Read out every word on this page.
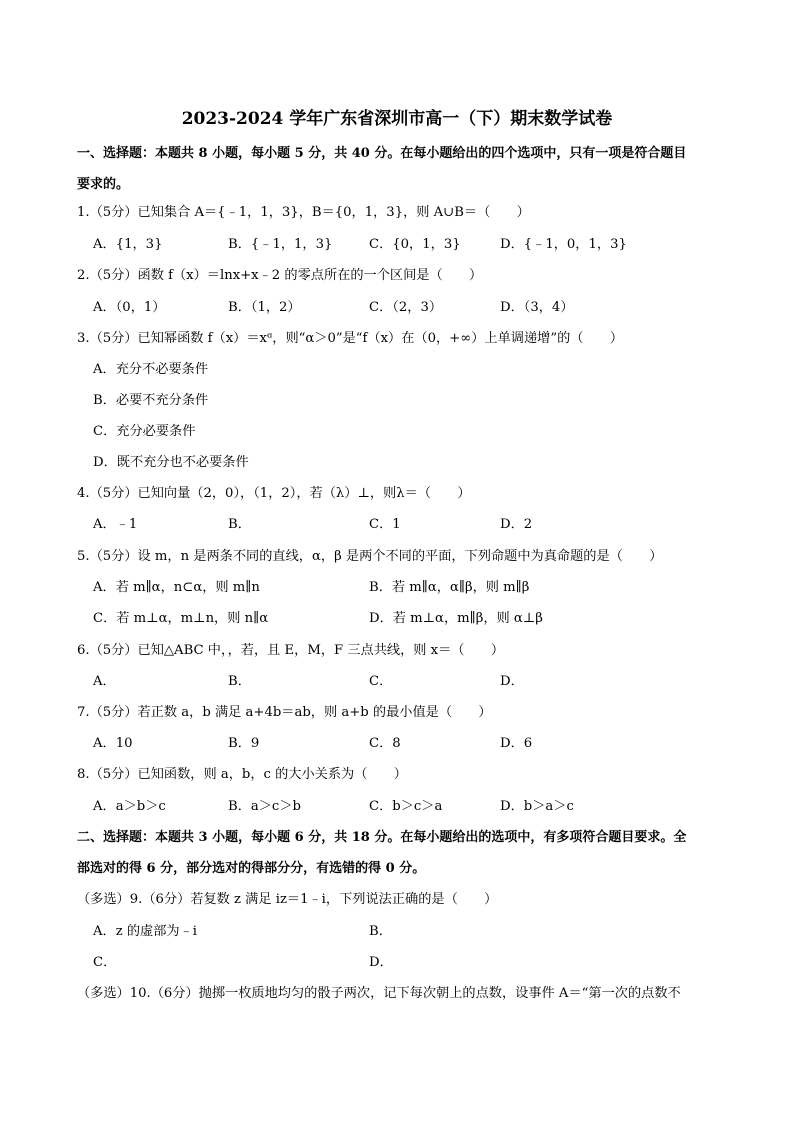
2023-2024 学年广东省深圳市高一（下）期末数学试卷
一、选择题：本题共 8 小题，每小题 5 分，共 40 分。在每小题给出的四个选项中，只有一项是符合题目
要求的。
1.（5分）已知集合 A＝{﹣1，1，3}，B＝{0，1，3}，则 A∪B＝（　　）
A．{1，3}	B．{﹣1，1，3}	C．{0，1，3}	D．{﹣1，0，1，3}
2.（5分）函数 f（x）＝lnx+x﹣2 的零点所在的一个区间是（　　）
A．（0，1）	B．（1，2）	C．（2，3）	D．（3，4）
3.（5分）已知幂函数 f（x）＝xᵅ，则“α＞0”是“f（x）在（0，+∞）上单调递增”的（　　）
A．充分不必要条件
B．必要不充分条件
C．充分必要条件
D．既不充分也不必要条件
4.（5分）已知向量（2，0），（1，2），若（λ）⊥，则λ＝（　　）
A．﹣1	B．	C．1	D．2
5.（5分）设 m，n 是两条不同的直线，α，β 是两个不同的平面，下列命题中为真命题的是（　　）
A．若 m∥α，n⊂α，则 m∥n	B．若 m∥α，α∥β，则 m∥β
C．若 m⊥α，m⊥n，则 n∥α	D．若 m⊥α，m∥β，则 α⊥β
6.（5分）已知△ABC 中，，若，且 E，M，F 三点共线，则 x＝（　　）
A．	B．	C．	D．
7.（5分）若正数 a，b 满足 a+4b＝ab，则 a+b 的最小值是（　　）
A．10	B．9	C．8	D．6
8.（5分）已知函数，则 a，b，c 的大小关系为（　　）
A．a＞b＞c	B．a＞c＞b	C．b＞c＞a	D．b＞a＞c
二、选择题：本题共 3 小题，每小题 6 分，共 18 分。在每小题给出的选项中，有多项符合题目要求。全
部选对的得 6 分，部分选对的得部分分，有选错的得 0 分。
（多选）9.（6分）若复数 z 满足 iz＝1﹣i，下列说法正确的是（　　）
A．z 的虚部为﹣i	B．
C．	D．
（多选）10.（6分）抛掷一枚质地均匀的骰子两次，记下每次朝上的点数，设事件 A＝“第一次的点数不
